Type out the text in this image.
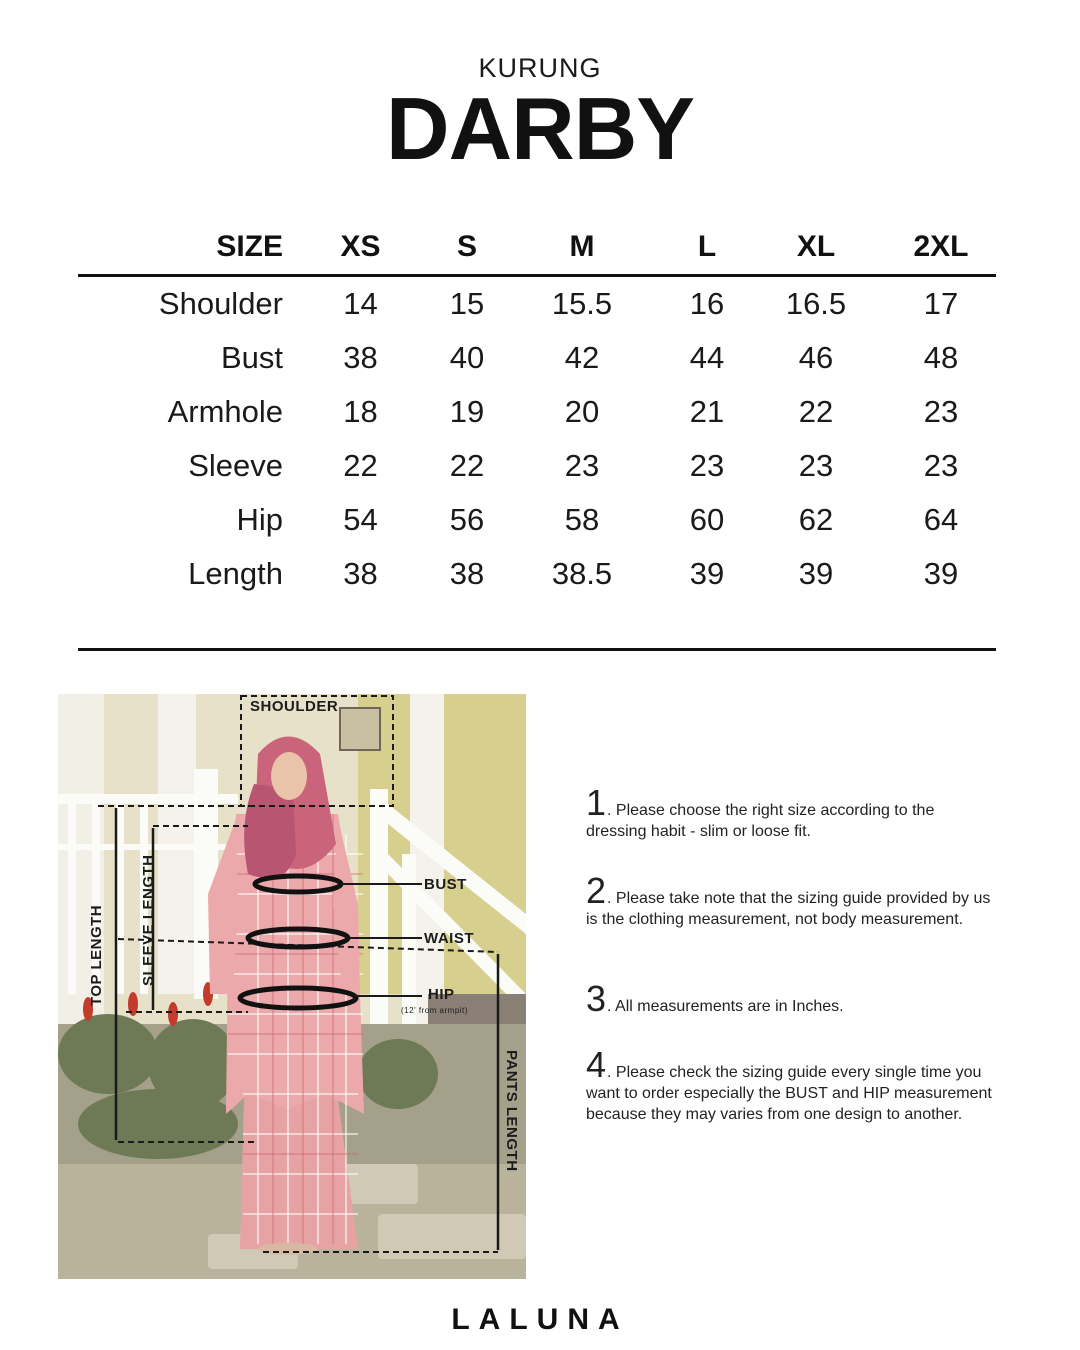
KURUNG
DARBY
SIZE	XS	S	M	L	XL	2XL
Shoulder	14	15	15.5	16	16.5	17
Bust	38	40	42	44	46	48
Armhole	18	19	20	21	22	23
Sleeve	22	22	23	23	23	23
Hip	54	56	58	60	62	64
Length	38	38	38.5	39	39	39
SHOULDER
BUST
WAIST
HIP
(12' from armpit)
TOP LENGTH SLEEVE LENGTH
PANTS LENGTH
1. Please choose the right size according to the dressing habit - slim or loose fit.
2. Please take note that the sizing guide provided by us is the clothing measurement, not body measurement.
3. All measurements are in Inches.
4. Please check the sizing guide every single time you want to order especially the BUST and HIP measurement because they may varies from one design to another.
LALUNA
